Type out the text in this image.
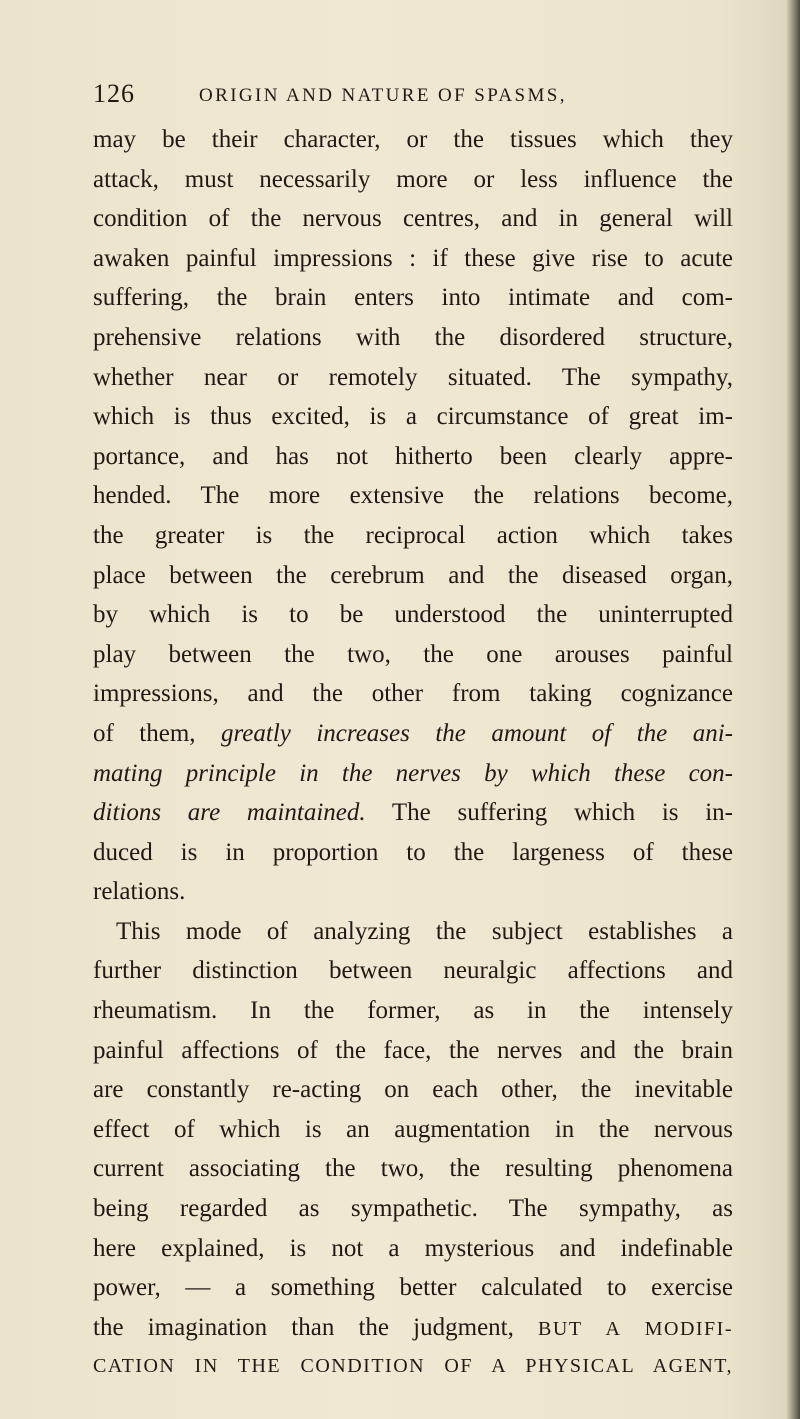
126	ORIGIN AND NATURE OF SPASMS,
may be their character, or the tissues which they
attack, must necessarily more or less influence the
condition of the nervous centres, and in general will
awaken painful impressions : if these give rise to acute
suffering, the brain enters into intimate and com-
prehensive relations with the disordered structure,
whether near or remotely situated. The sympathy,
which is thus excited, is a circumstance of great im-
portance, and has not hitherto been clearly appre-
hended. The more extensive the relations become,
the greater is the reciprocal action which takes
place between the cerebrum and the diseased organ,
by which is to be understood the uninterrupted
play between the two, the one arouses painful
impressions, and the other from taking cognizance
of them, greatly increases the amount of the ani-
mating principle in the nerves by which these con-
ditions are maintained. The suffering which is in-
duced is in proportion to the largeness of these
relations.
This mode of analyzing the subject establishes a
further distinction between neuralgic affections and
rheumatism. In the former, as in the intensely
painful affections of the face, the nerves and the brain
are constantly re-acting on each other, the inevitable
effect of which is an augmentation in the nervous
current associating the two, the resulting phenomena
being regarded as sympathetic. The sympathy, as
here explained, is not a mysterious and indefinable
power, — a something better calculated to exercise
the imagination than the judgment, BUT A MODIFI-
CATION IN THE CONDITION OF A PHYSICAL AGENT,
